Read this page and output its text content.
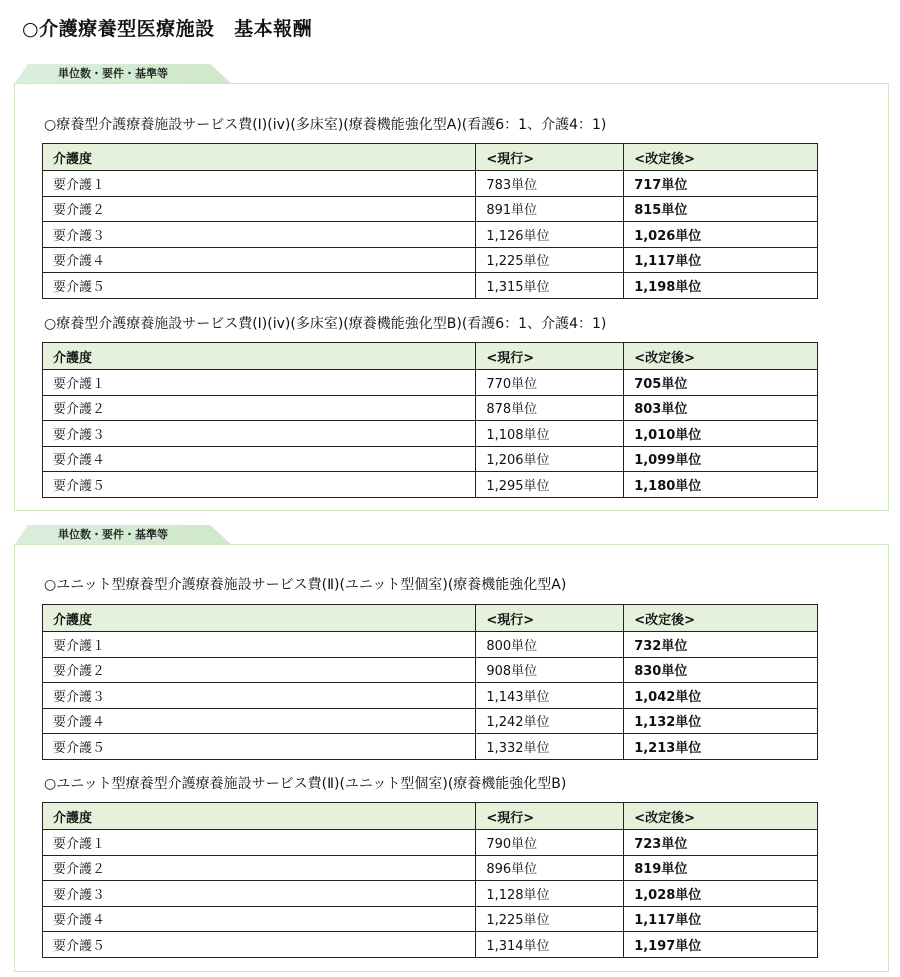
○介護療養型医療施設　基本報酬
単位数・要件・基準等
○療養型介護療養施設サービス費(Ⅰ)(iv)(多床室)(療養機能強化型A)(看護6：1、介護4：1)
介護度	<現行>	<改定後>
要介護１	783単位	717単位
要介護２	891単位	815単位
要介護３	1,126単位	1,026単位
要介護４	1,225単位	1,117単位
要介護５	1,315単位	1,198単位
○療養型介護療養施設サービス費(Ⅰ)(iv)(多床室)(療養機能強化型B)(看護6：1、介護4：1)
介護度	<現行>	<改定後>
要介護１	770単位	705単位
要介護２	878単位	803単位
要介護３	1,108単位	1,010単位
要介護４	1,206単位	1,099単位
要介護５	1,295単位	1,180単位
単位数・要件・基準等
○ユニット型療養型介護療養施設サービス費(Ⅱ)(ユニット型個室)(療養機能強化型A)
介護度	<現行>	<改定後>
要介護１	800単位	732単位
要介護２	908単位	830単位
要介護３	1,143単位	1,042単位
要介護４	1,242単位	1,132単位
要介護５	1,332単位	1,213単位
○ユニット型療養型介護療養施設サービス費(Ⅱ)(ユニット型個室)(療養機能強化型B)
介護度	<現行>	<改定後>
要介護１	790単位	723単位
要介護２	896単位	819単位
要介護３	1,128単位	1,028単位
要介護４	1,225単位	1,117単位
要介護５	1,314単位	1,197単位
